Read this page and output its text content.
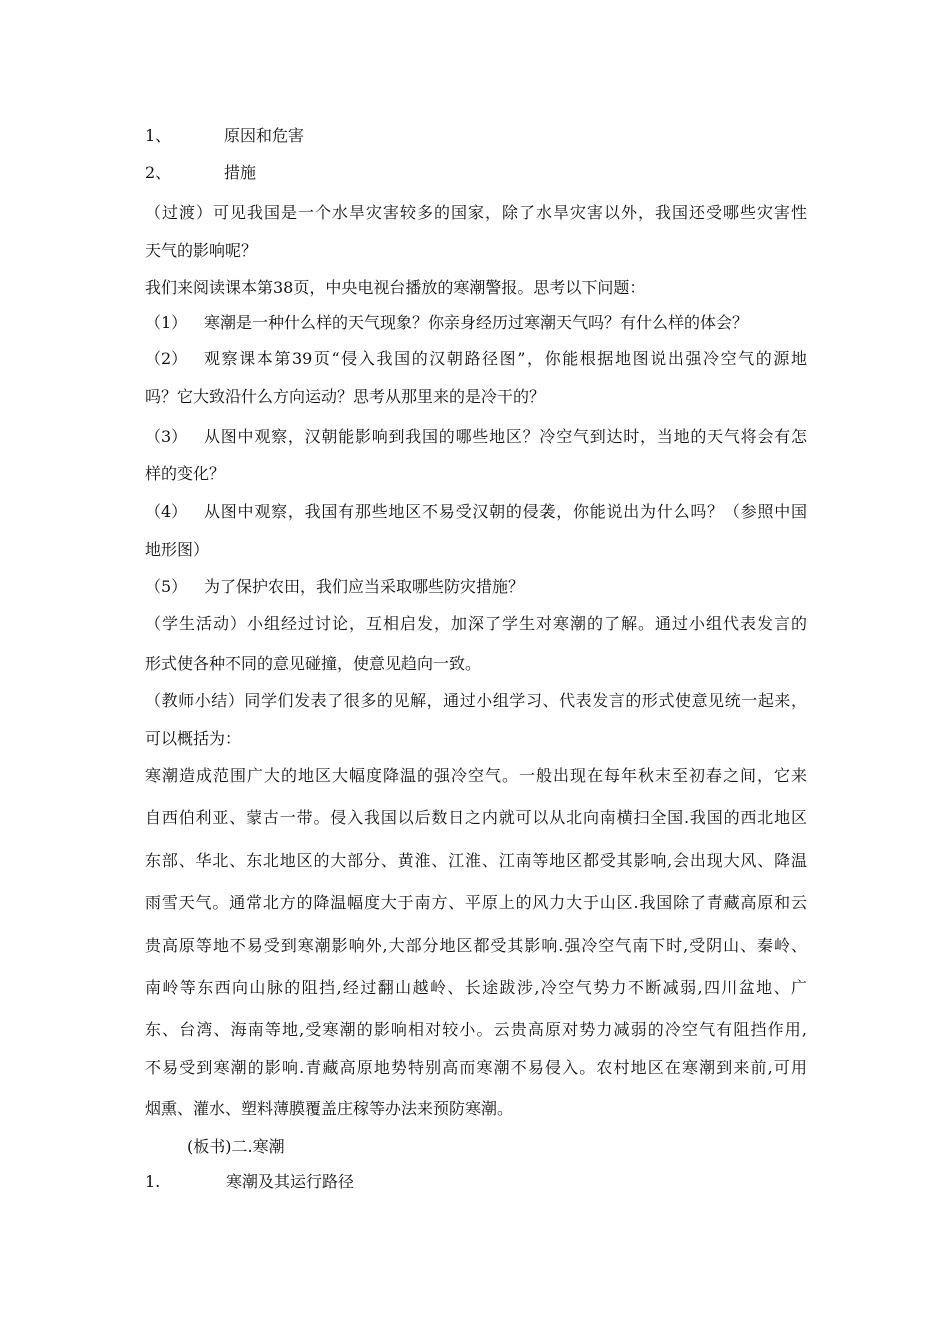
1、	原因和危害
2、	措施
（过渡）可见我国是一个水旱灾害较多的国家，除了水旱灾害以外，我国还受哪些灾害性
天气的影响呢？
我们来阅读课本第38页，中央电视台播放的寒潮警报。思考以下问题：
（1） 寒潮是一种什么样的天气现象？你亲身经历过寒潮天气吗？有什么样的体会？
（2） 观察课本第39页“侵入我国的汉朝路径图”，你能根据地图说出强冷空气的源地
吗？它大致沿什么方向运动？思考从那里来的是冷干的？
（3） 从图中观察，汉朝能影响到我国的哪些地区？冷空气到达时，当地的天气将会有怎
样的变化？
（4） 从图中观察，我国有那些地区不易受汉朝的侵袭，你能说出为什么吗？（参照中国
地形图）
（5） 为了保护农田，我们应当采取哪些防灾措施？
（学生活动）小组经过讨论，互相启发，加深了学生对寒潮的了解。通过小组代表发言的
形式使各种不同的意见碰撞，使意见趋向一致。
（教师小结）同学们发表了很多的见解，通过小组学习、代表发言的形式使意见统一起来，
可以概括为：
寒潮造成范围广大的地区大幅度降温的强冷空气。一般出现在每年秋末至初春之间，它来
自西伯利亚、蒙古一带。侵入我国以后数日之内就可以从北向南横扫全国.我国的西北地区
东部、华北、东北地区的大部分、黄淮、江淮、江南等地区都受其影响,会出现大风、降温
雨雪天气。通常北方的降温幅度大于南方、平原上的风力大于山区.我国除了青藏高原和云
贵高原等地不易受到寒潮影响外,大部分地区都受其影响.强冷空气南下时,受阴山、秦岭、
南岭等东西向山脉的阻挡,经过翻山越岭、长途跋涉,冷空气势力不断减弱,四川盆地、广
东、台湾、海南等地,受寒潮的影响相对较小。云贵高原对势力减弱的冷空气有阻挡作用,
不易受到寒潮的影响.青藏高原地势特别高而寒潮不易侵入。农村地区在寒潮到来前,可用
烟熏、灌水、塑料薄膜覆盖庄稼等办法来预防寒潮。
(板书)二.寒潮
1.	寒潮及其运行路径
